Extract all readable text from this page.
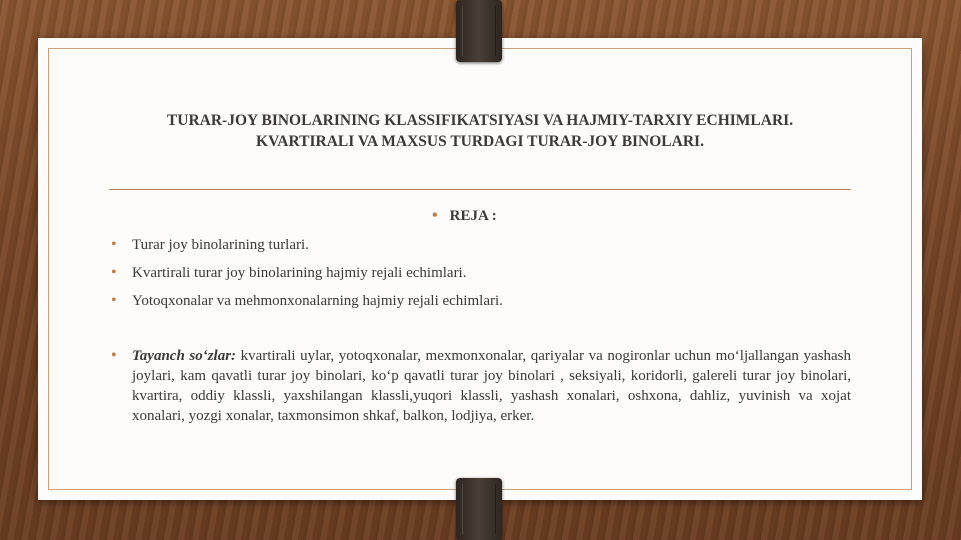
TURAR-JOY BINOLARINING KLASSIFIKATSIYASI VA HAJMIY-TARXIY ECHIMLARI.
KVARTIRALI VA MAXSUS TURDAGI TURAR-JOY BINOLARI.
• REJA :
• Turar joy binolarining turlari.
• Kvartirali turar joy binolarining hajmiy rejali echimlari.
• Yotoqxonalar va mehmonxonalarning hajmiy rejali echimlari.
• Tayanch so‘zlar: kvartirali uylar, yotoqxonalar, mexmonxonalar, qariyalar va nogironlar uchun mo‘ljallangan yashash joylari, kam qavatli turar joy binolari, ko‘p qavatli turar joy binolari , seksiyali, koridorli, galereli turar joy binolari, kvartira, oddiy klassli, yaxshilangan klassli,yuqori klassli, yashash xonalari, oshxona, dahliz, yuvinish va xojat xonalari, yozgi xonalar, taxmonsimon shkaf, balkon, lodjiya, erker.
